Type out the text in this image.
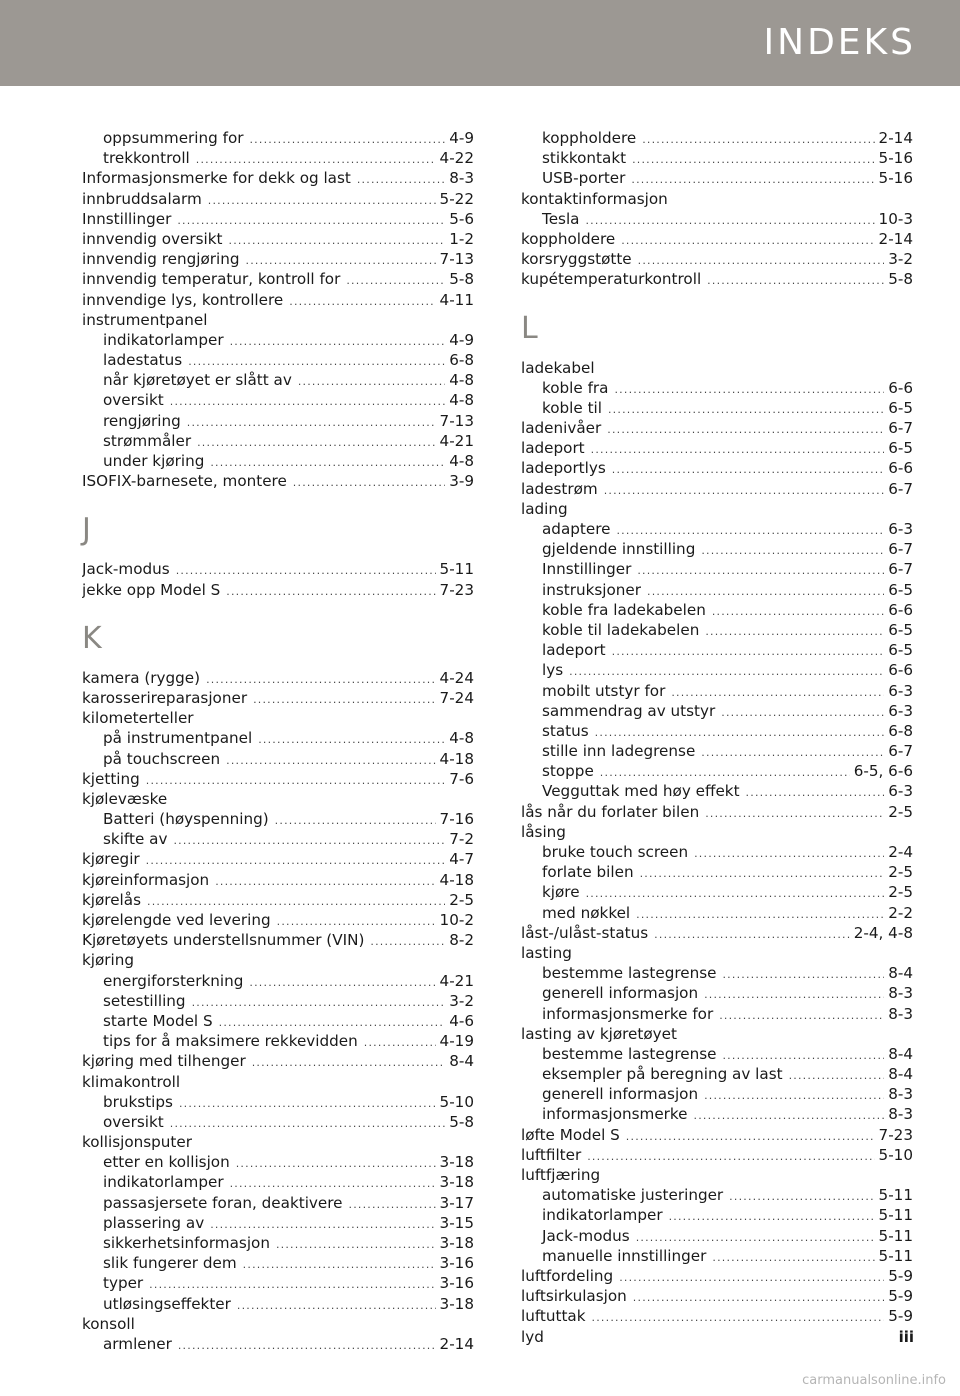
INDEKS
oppsummering for .....	4-9
trekkontroll .....	4-22
Informasjonsmerke for dekk og last .....	8-3
innbruddsalarm .....	5-22
Innstillinger .....	5-6
innvendig oversikt .....	1-2
innvendig rengjøring .....	7-13
innvendig temperatur, kontroll for .....	5-8
innvendige lys, kontrollere .....	4-11
instrumentpanel
indikatorlamper .....	4-9
ladestatus .....	6-8
når kjøretøyet er slått av .....	4-8
oversikt .....	4-8
rengjøring .....	7-13
strømmåler .....	4-21
under kjøring .....	4-8
ISOFIX-barnesete, montere .....	3-9
J
Jack-modus .....	5-11
jekke opp Model S .....	7-23
K
kamera (rygge) .....	4-24
karosserireparasjoner .....	7-24
kilometerteller
på instrumentpanel .....	4-8
på touchscreen .....	4-18
kjetting .....	7-6
kjølevæske
Batteri (høyspenning) .....	7-16
skifte av .....	7-2
kjøregir .....	4-7
kjøreinformasjon .....	4-18
kjørelås .....	2-5
kjørelengde ved levering .....	10-2
Kjøretøyets understellsnummer (VIN) .....	8-2
kjøring
energiforsterkning .....	4-21
setestilling .....	3-2
starte Model S .....	4-6
tips for å maksimere rekkevidden .....	4-19
kjøring med tilhenger .....	8-4
klimakontroll
brukstips .....	5-10
oversikt .....	5-8
kollisjonsputer
etter en kollisjon .....	3-18
indikatorlamper .....	3-18
passasjersete foran, deaktivere .....	3-17
plassering av .....	3-15
sikkerhetsinformasjon .....	3-18
slik fungerer dem .....	3-16
typer .....	3-16
utløsingseffekter .....	3-18
konsoll
armlener .....	2-14
koppholdere .....	2-14
stikkontakt .....	5-16
USB-porter .....	5-16
kontaktinformasjon
Tesla .....	10-3
koppholdere .....	2-14
korsryggstøtte .....	3-2
kupétemperaturkontroll .....	5-8
L
ladekabel
koble fra .....	6-6
koble til .....	6-5
ladenivåer .....	6-7
ladeport .....	6-5
ladeportlys .....	6-6
ladestrøm .....	6-7
lading
adaptere .....	6-3
gjeldende innstilling .....	6-7
Innstillinger .....	6-7
instruksjoner .....	6-5
koble fra ladekabelen .....	6-6
koble til ladekabelen .....	6-5
ladeport .....	6-5
lys .....	6-6
mobilt utstyr for .....	6-3
sammendrag av utstyr .....	6-3
status .....	6-8
stille inn ladegrense .....	6-7
stoppe .....	6-5, 6-6
Vegguttak med høy effekt .....	6-3
lås når du forlater bilen .....	2-5
låsing
bruke touch screen .....	2-4
forlate bilen .....	2-5
kjøre .....	2-5
med nøkkel .....	2-2
låst-/ulåst-status .....	2-4, 4-8
lasting
bestemme lastegrense .....	8-4
generell informasjon .....	8-3
informasjonsmerke for .....	8-3
lasting av kjøretøyet
bestemme lastegrense .....	8-4
eksempler på beregning av last .....	8-4
generell informasjon .....	8-3
informasjonsmerke .....	8-3
løfte Model S .....	7-23
luftfilter .....	5-10
luftfjæring
automatiske justeringer .....	5-11
indikatorlamper .....	5-11
Jack-modus .....	5-11
manuelle innstillinger .....	5-11
luftfordeling .....	5-9
luftsirkulasjon .....	5-9
luftuttak .....	5-9
lyd	iii
carmanualsonline.info
